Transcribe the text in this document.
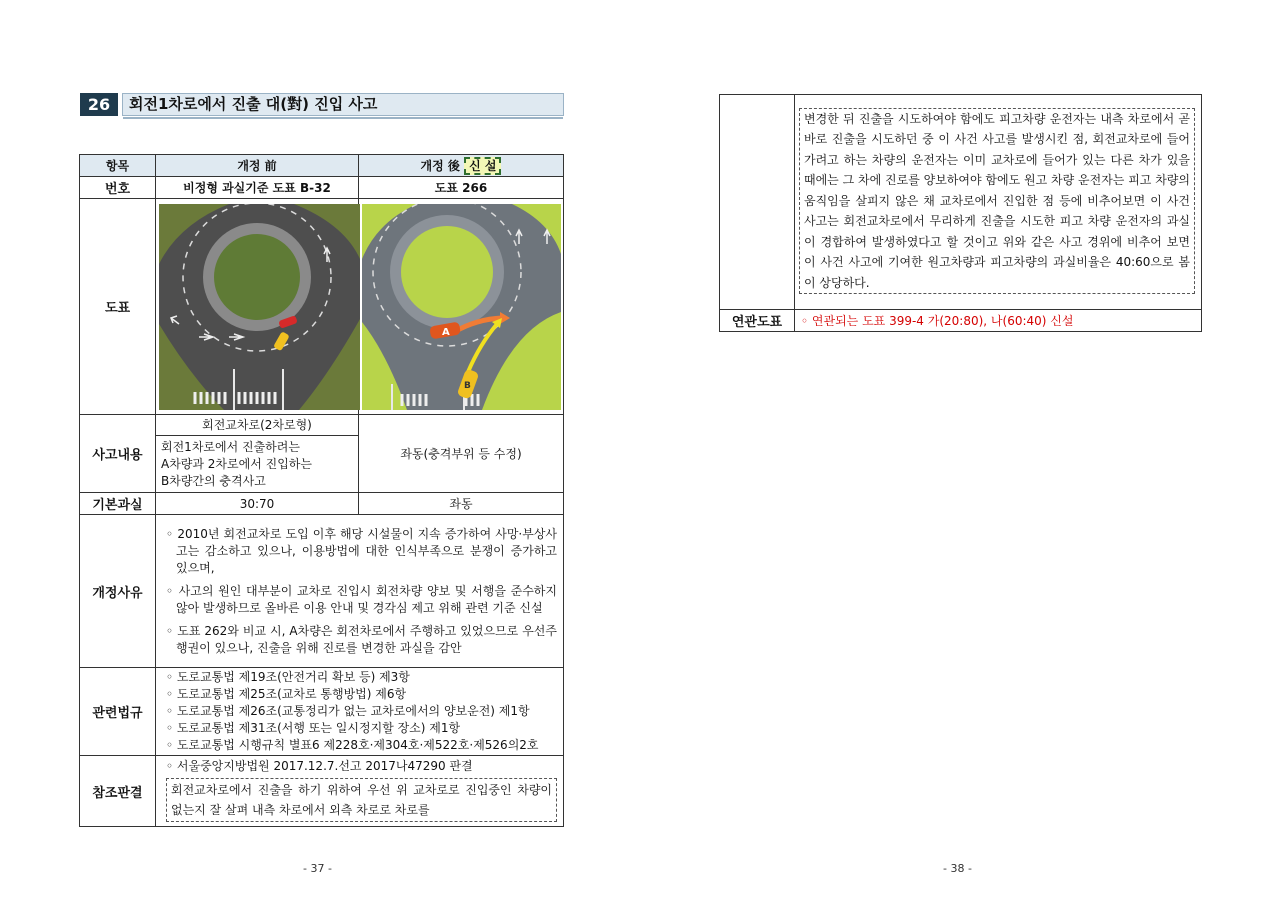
26	회전1차로에서 진출 대(對) 진입 사고
항목	개정 前	개정 後 신 설
번호	비정형 과실기준 도표 B-32	도표 266
도표		A
B

사고내용	회전교차로(2차로형)
회전1차로에서 진출하려는
A차량과 2차로에서 진입하는
B차량간의 충격사고	좌동(충격부위 등 수정)
기본과실	30:70	좌동
개정사유	◦ 2010년 회전교차로 도입 이후 해당 시설물이 지속 증가하여 사망·부상사고는 감소하고 있으나, 이용방법에 대한 인식부족으로 분쟁이 증가하고 있으며,

◦ 사고의 원인 대부분이 교차로 진입시 회전차량 양보 및 서행을 준수하지 않아 발생하므로 올바른 이용 안내 및 경각심 제고 위해 관련 기준 신설

◦ 도표 262와 비교 시, A차량은 회전차로에서 주행하고 있었으므로 우선주행권이 있으나, 진출을 위해 진로를 변경한 과실을 감안	

관련법규	◦ 도로교통법 제19조(안전거리 확보 등) 제3항
◦ 도로교통법 제25조(교차로 통행방법) 제6항
◦ 도로교통법 제26조(교통정리가 없는 교차로에서의 양보운전) 제1항
◦ 도로교통법 제31조(서행 또는 일시정지할 장소) 제1항
◦ 도로교통법 시행규칙 별표6 제228호·제304호·제522호·제526의2호	

참조판결	◦ 서울중앙지방법원 2017.12.7.선고 2017나47290 판결
회전교차로에서 진출을 하기 위하여 우선 위 교차로로 진입중인 차량이 없는지 잘 살펴 내측 차로에서 외측 차로로 차로를	
- 37 -

	변경한 뒤 진출을 시도하여야 함에도 피고차량 운전자는 내측 차로에서 곧바로 진출을 시도하던 중 이 사건 사고를 발생시킨 점, 회전교차로에 들어가려고 하는 차량의 운전자는 이미 교차로에 들어가 있는 다른 차가 있을 때에는 그 차에 진로를 양보하여야 함에도 원고 차량 운전자는 피고 차량의 움직임을 살피지 않은 채 교차로에서 진입한 점 등에 비추어보면 이 사건 사고는 회전교차로에서 무리하게 진출을 시도한 피고 차량 운전자의 과실이 경합하여 발생하였다고 할 것이고 위와 같은 사고 경위에 비추어 보면 이 사건 사고에 기여한 원고차량과 피고차량의 과실비율은 40:60으로 봄이 상당하다.

연관도표	◦ 연관되는 도표 399-4 가(20:80), 나(60:40) 신설
- 38 -
